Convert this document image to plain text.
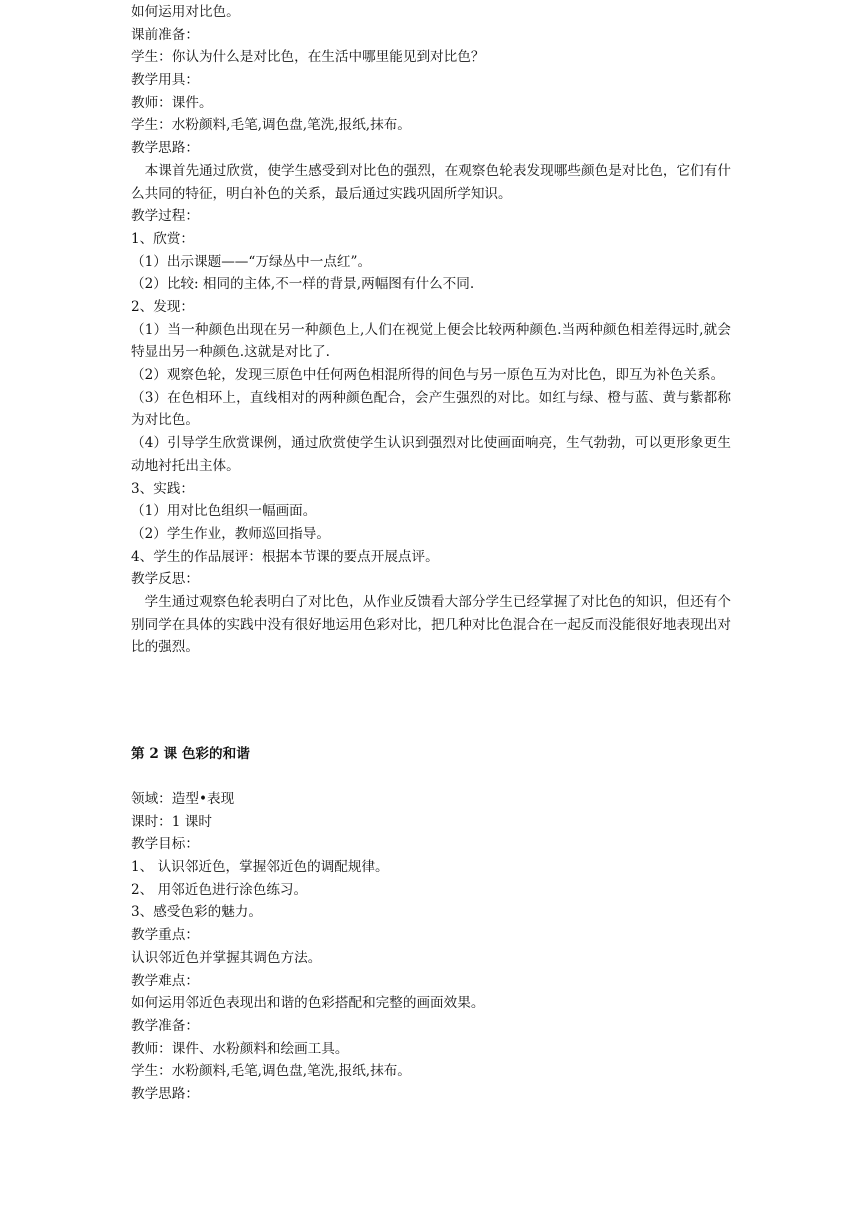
如何运用对比色。
课前准备：
学生：你认为什么是对比色，在生活中哪里能见到对比色？
教学用具：
教师：课件。
学生：水粉颜料,毛笔,调色盘,笔洗,报纸,抹布。
教学思路：
本课首先通过欣赏，使学生感受到对比色的强烈，在观察色轮表发现哪些颜色是对比色，它们有什么共同的特征，明白补色的关系，最后通过实践巩固所学知识。
教学过程：
1、欣赏：
（1）出示课题——“万绿丛中一点红”。
（2）比较: 相同的主体,不一样的背景,两幅图有什么不同.
2、发现：
（1）当一种颜色出现在另一种颜色上,人们在视觉上便会比较两种颜色.当两种颜色相差得远时,就会特显出另一种颜色.这就是对比了.
（2）观察色轮，发现三原色中任何两色相混所得的间色与另一原色互为对比色，即互为补色关系。
（3）在色相环上，直线相对的两种颜色配合，会产生强烈的对比。如红与绿、橙与蓝、黄与紫都称为对比色。
（4）引导学生欣赏课例，通过欣赏使学生认识到强烈对比使画面响亮，生气勃勃，可以更形象更生动地衬托出主体。
3、实践：
（1）用对比色组织一幅画面。
（2）学生作业，教师巡回指导。
4、学生的作品展评：根据本节课的要点开展点评。
教学反思：
学生通过观察色轮表明白了对比色，从作业反馈看大部分学生已经掌握了对比色的知识，但还有个别同学在具体的实践中没有很好地运用色彩对比，把几种对比色混合在一起反而没能很好地表现出对比的强烈。
第 2 课 色彩的和谐
领域：造型•表现
课时：1 课时
教学目标：
1、 认识邻近色，掌握邻近色的调配规律。
2、 用邻近色进行涂色练习。
3、感受色彩的魅力。
教学重点：
认识邻近色并掌握其调色方法。
教学难点：
如何运用邻近色表现出和谐的色彩搭配和完整的画面效果。
教学准备：
教师：课件、水粉颜料和绘画工具。
学生：水粉颜料,毛笔,调色盘,笔洗,报纸,抹布。
教学思路：
